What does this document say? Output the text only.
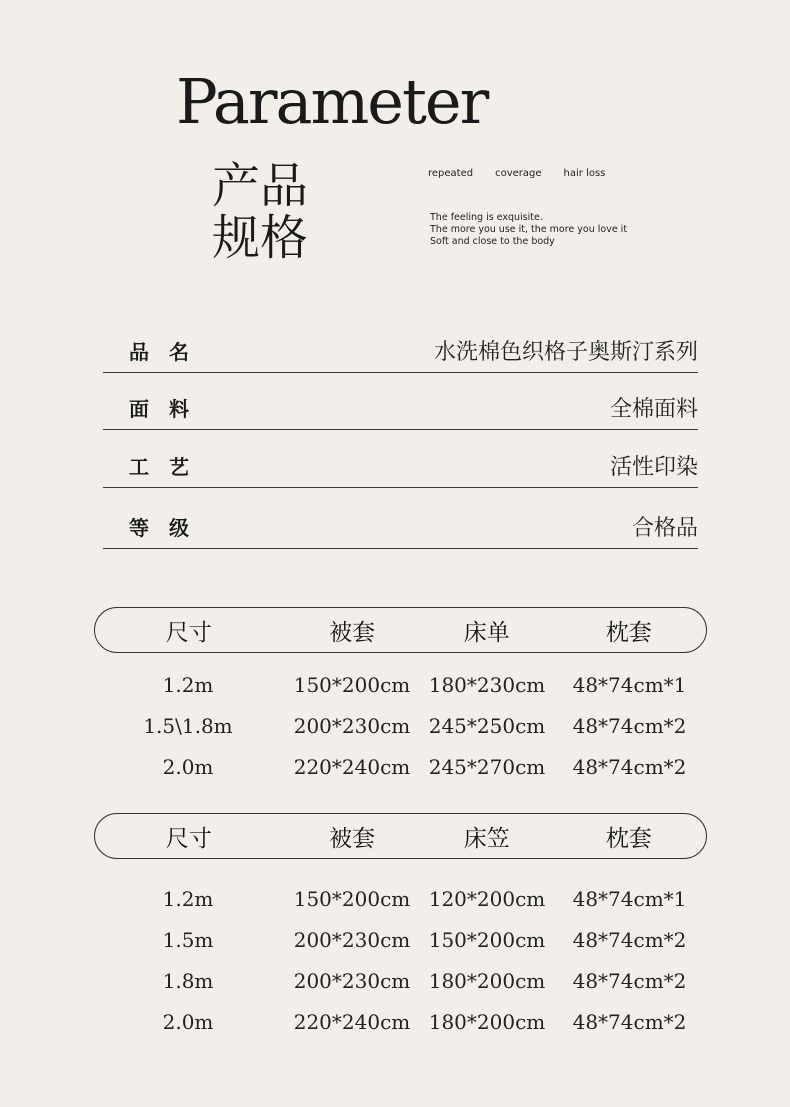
Parameter
产品
规格
repeated coverage hair loss
The feeling is exquisite.
The more you use it, the more you love it
Soft and close to the body
品名	水洗棉色织格子奥斯汀系列
面料	全棉面料
工艺	活性印染
等级	合格品
尺寸	被套	床单	枕套
1.2m	150*200cm 180*230cm	48*74cm*1
1.5\1.8m	200*230cm 245*250cm	48*74cm*2
2.0m	220*240cm 245*270cm	48*74cm*2
尺寸	被套	床笠	枕套
1.2m	150*200cm 120*200cm	48*74cm*1
1.5m	200*230cm 150*200cm	48*74cm*2
1.8m	200*230cm 180*200cm	48*74cm*2
2.0m	220*240cm 180*200cm	48*74cm*2
